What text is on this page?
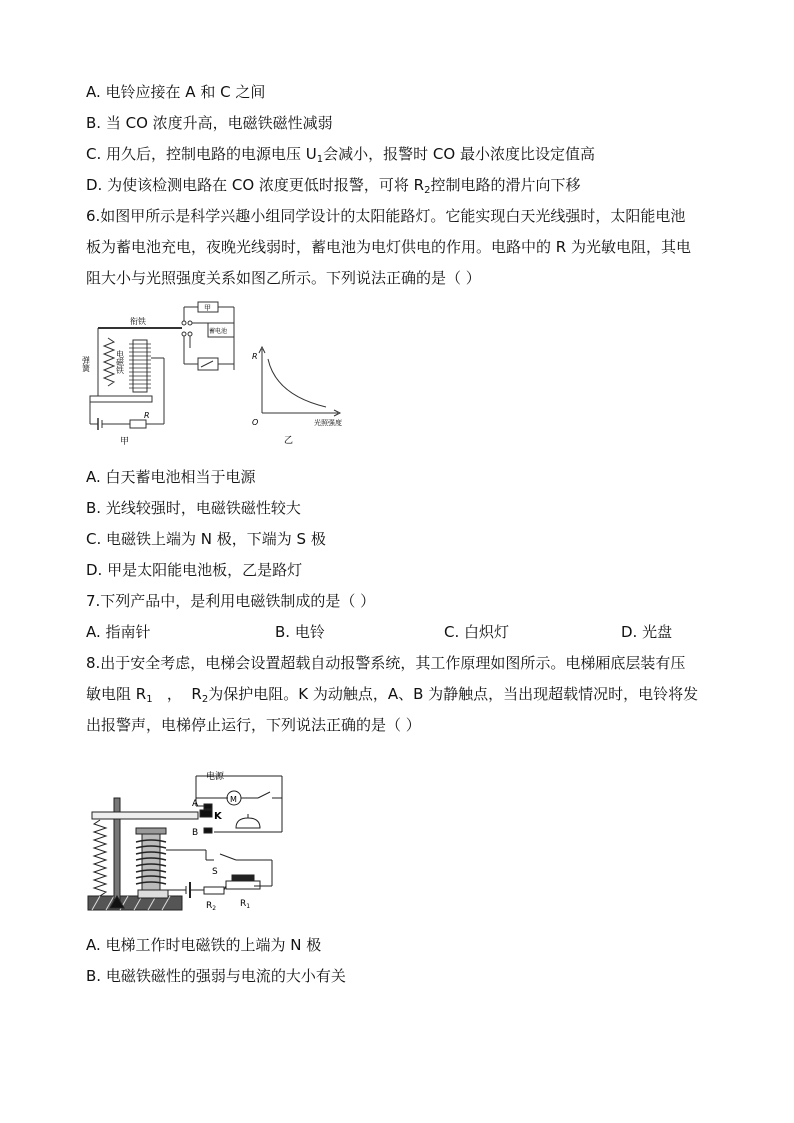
A. 电铃应接在 A 和 C 之间
B. 当 CO 浓度升高，电磁铁磁性减弱
C. 用久后，控制电路的电源电压 $U_1$会减小，报警时 CO 最小浓度比设定值高
D. 为使该检测电路在 CO 浓度更低时报警，可将 $R_2$控制电路的滑片向下移
6.如图甲所示是科学兴趣小组同学设计的太阳能路灯。它能实现白天光线强时，太阳能电池
板为蓄电池充电，夜晚光线弱时，蓄电池为电灯供电的作用。电路中的 R 为光敏电阻，其电
阻大小与光照强度关系如图乙所示。下列说法正确的是（ ）
衔铁
甲
蓄电池
弹簧	电磁铁
R
甲
R
O	光照强度
乙
A. 白天蓄电池相当于电源
B. 光线较强时，电磁铁磁性较大
C. 电磁铁上端为 N 极，下端为 S 极
D. 甲是太阳能电池板，乙是路灯
7.下列产品中，是利用电磁铁制成的是（ ）
A. 指南针	B. 电铃	C. 白炽灯	D. 光盘
8.出于安全考虑，电梯会设置超载自动报警系统，其工作原理如图所示。电梯厢底层装有压
敏电阻 $R_1$   ，  $R_2$为保护电阻。K 为动触点，A、B 为静触点，当出现超载情况时，电铃将发
出报警声，电梯停止运行，下列说法正确的是（ ）
电源
M
A
K
B
S
$R_2$	$R_1$
A. 电梯工作时电磁铁的上端为 N 极
B. 电磁铁磁性的强弱与电流的大小有关
